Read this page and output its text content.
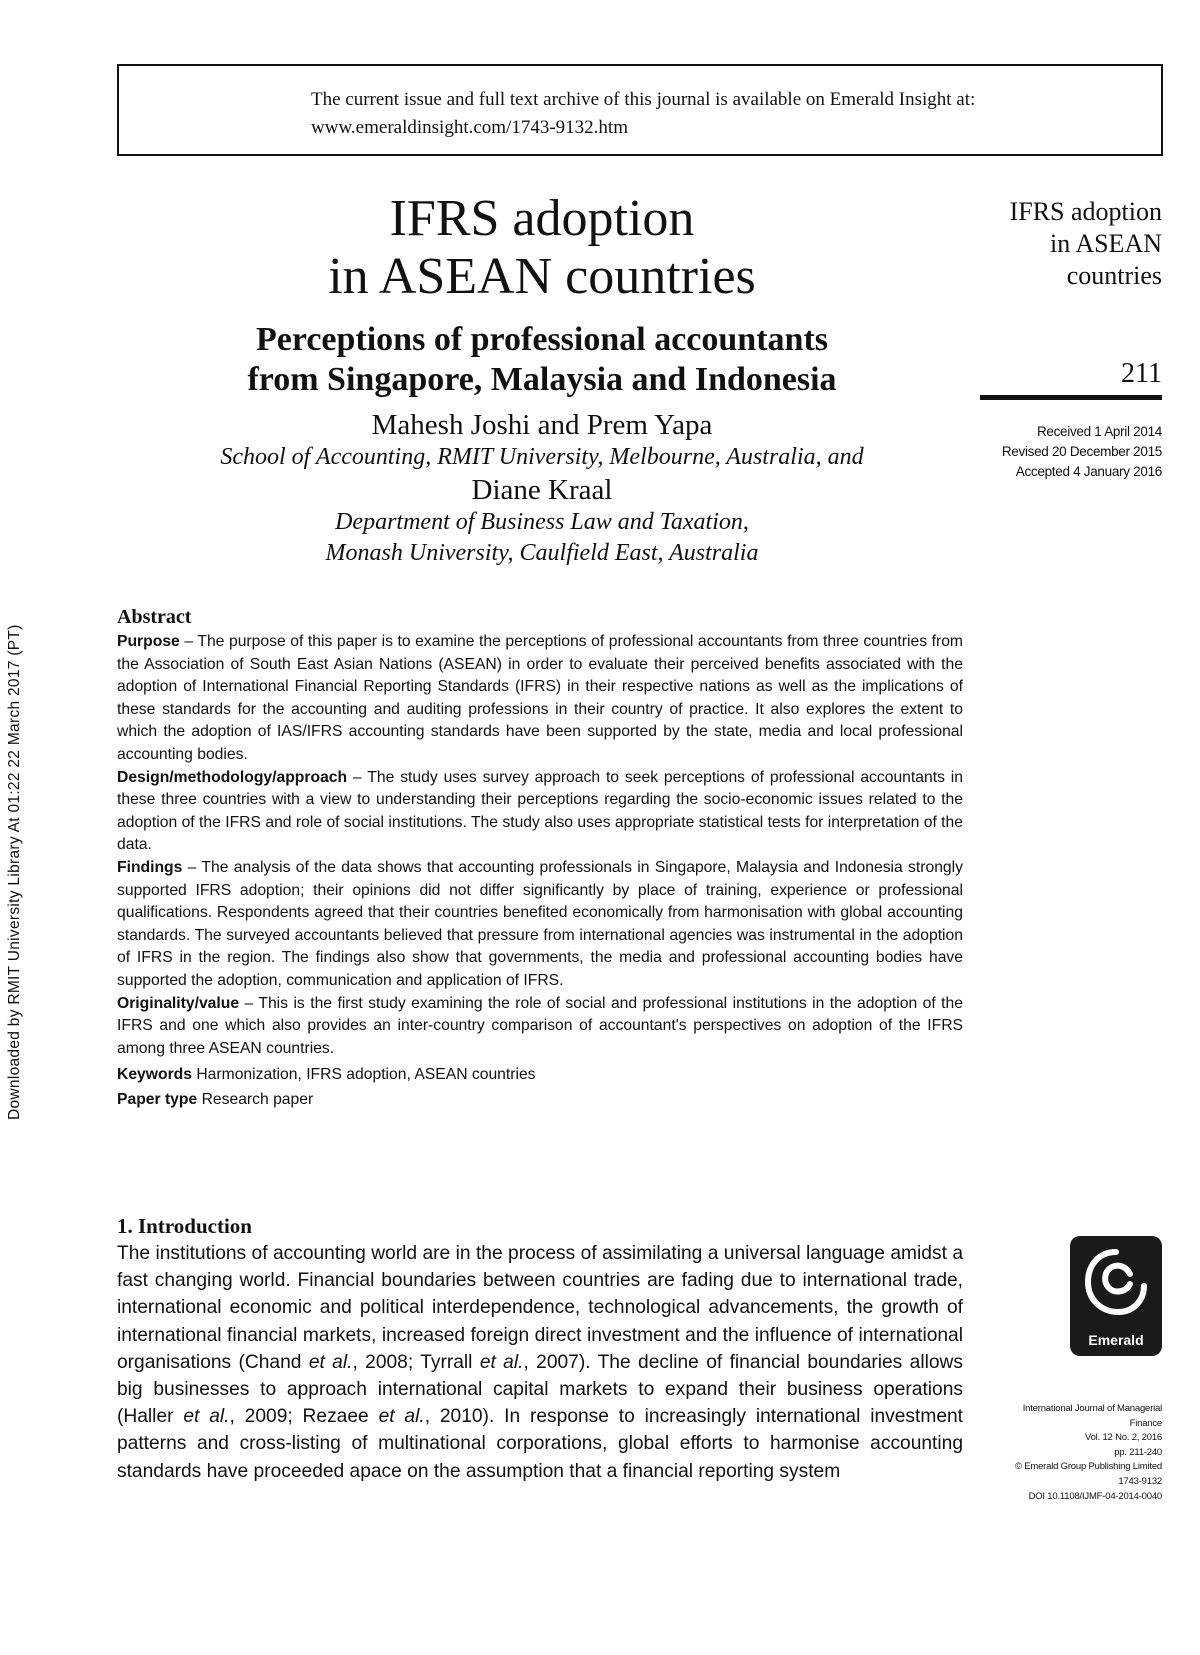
The current issue and full text archive of this journal is available on Emerald Insight at:
www.emeraldinsight.com/1743-9132.htm
Downloaded by RMIT University Library At 01:22 22 March 2017 (PT)
IFRS adoption
in ASEAN countries
Perceptions of professional accountants
from Singapore, Malaysia and Indonesia
Mahesh Joshi and Prem Yapa
School of Accounting, RMIT University, Melbourne, Australia, and
Diane Kraal
Department of Business Law and Taxation,
Monash University, Caulfield East, Australia
IFRS adoption
in ASEAN
countries
211
Received 1 April 2014
Revised 20 December 2015
Accepted 4 January 2016
Abstract

Purpose – The purpose of this paper is to examine the perceptions of professional accountants from three countries from the Association of South East Asian Nations (ASEAN) in order to evaluate their perceived benefits associated with the adoption of International Financial Reporting Standards (IFRS) in their respective nations as well as the implications of these standards for the accounting and auditing professions in their country of practice. It also explores the extent to which the adoption of IAS/IFRS accounting standards have been supported by the state, media and local professional accounting bodies.

Design/methodology/approach – The study uses survey approach to seek perceptions of professional accountants in these three countries with a view to understanding their perceptions regarding the socio-economic issues related to the adoption of the IFRS and role of social institutions. The study also uses appropriate statistical tests for interpretation of the data.

Findings – The analysis of the data shows that accounting professionals in Singapore, Malaysia and Indonesia strongly supported IFRS adoption; their opinions did not differ significantly by place of training, experience or professional qualifications. Respondents agreed that their countries benefited economically from harmonisation with global accounting standards. The surveyed accountants believed that pressure from international agencies was instrumental in the adoption of IFRS in the region. The findings also show that governments, the media and professional accounting bodies have supported the adoption, communication and application of IFRS.

Originality/value – This is the first study examining the role of social and professional institutions in the adoption of the IFRS and one which also provides an inter-country comparison of accountant's perspectives on adoption of the IFRS among three ASEAN countries.

Keywords Harmonization, IFRS adoption, ASEAN countries

Paper type Research paper

1. Introduction

The institutions of accounting world are in the process of assimilating a universal language amidst a fast changing world. Financial boundaries between countries are fading due to international trade, international economic and political interdependence, technological advancements, the growth of international financial markets, increased foreign direct investment and the influence of international organisations (Chand et al., 2008; Tyrrall et al., 2007). The decline of financial boundaries allows big businesses to approach international capital markets to expand their business operations (Haller et al., 2009; Rezaee et al., 2010). In response to increasingly international investment patterns and cross-listing of multinational corporations, global efforts to harmonise accounting standards have proceeded apace on the assumption that a financial reporting system

Emerald
International Journal of Managerial
Finance
Vol. 12 No. 2, 2016
pp. 211-240
© Emerald Group Publishing Limited
1743-9132
DOI 10.1108/IJMF-04-2014-0040
